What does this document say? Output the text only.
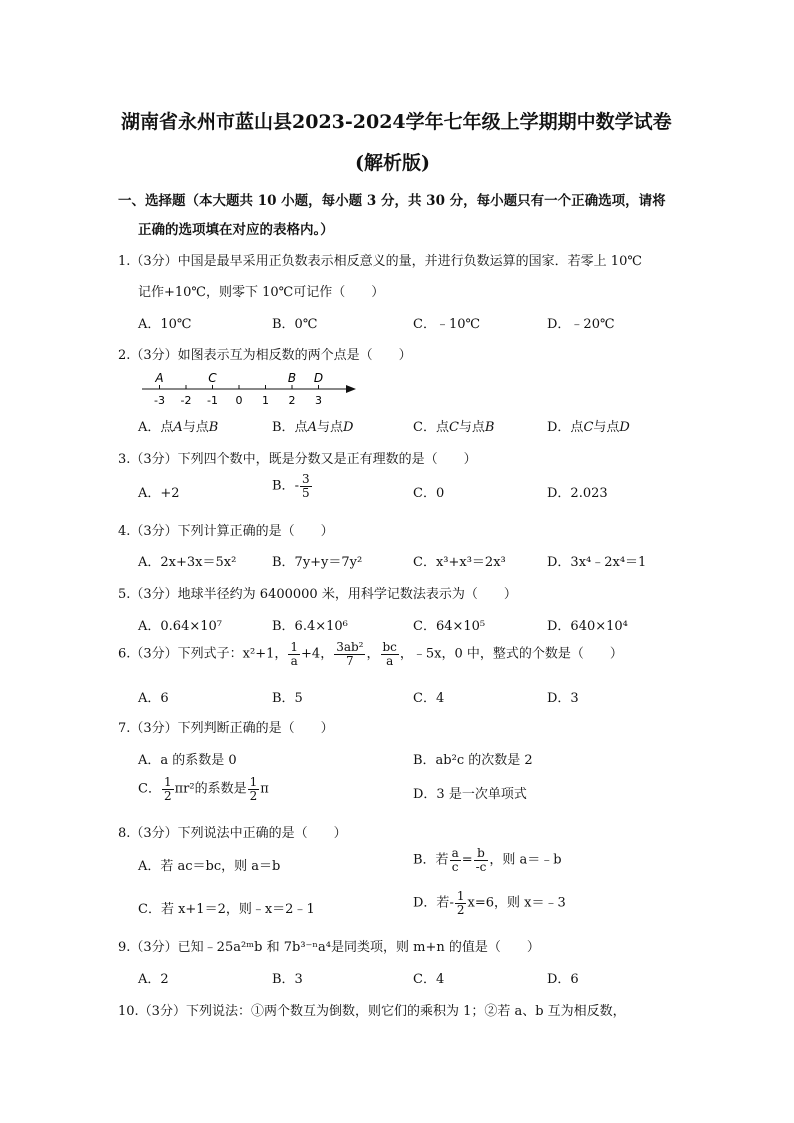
湖南省永州市蓝山县2023-2024学年七年级上学期期中数学试卷
(解析版)
一、选择题（本大题共 10 小题，每小题 3 分，共 30 分，每小题只有一个正确选项，请将
正确的选项填在对应的表格内。）
1.（3分）中国是最早采用正负数表示相反意义的量，并进行负数运算的国家．若零上 10℃
记作+10℃，则零下 10℃可记作（　　）
A．10℃	B．0℃	C．﹣10℃	D．﹣20℃
2.（3分）如图表示互为相反数的两个点是（　　）
-3 -2 -1 0 1 2 3
A	C	B D
A．点A与点B	B．点A与点D	C．点C与点B	D．点C与点D
3.（3分）下列四个数中，既是分数又是正有理数的是（　　）
A．+2	B．- $\frac{3}{5}$	C．0	D．2.023
4.（3分）下列计算正确的是（　　）
A．2x+3x＝5x²	B．7y+y＝7y²	C．x³+x³＝2x³	D．3x⁴﹣2x⁴＝1
5.（3分）地球半径约为 6400000 米，用科学记数法表示为（　　）
A．0.64×10⁷	B．6.4×10⁶	C．64×10⁵	D．640×10⁴
6.（3分）下列式子：x²+1， $\frac{1}{a} +4$， $\frac{\text{3ab²}}{7}$ ， $\frac{bc}{a}$ ，﹣5x，0 中，整式的个数是（　　）
A．6	B．5	C．4	D．3
7.（3分）下列判断正确的是（　　）
A．a 的系数是 0	B．ab²c 的次数是 2
C． $\frac{1}{2} \pi r^2$的系数是 $\frac{1}{2}$ π	D．3 是一次单项式
8.（3分）下列说法中正确的是（　　）
A．若 ac＝bc，则 a＝b	B．若 $\frac{a}{c} = \frac{b}{-c}$ ，则 a＝﹣b
C．若 x+1＝2，则﹣x＝2﹣1	D．若- $\frac{1}{2} x=6$，则 x＝﹣3
9.（3分）已知﹣25a²ᵐb 和 7b³⁻ⁿa⁴是同类项，则 m+n 的值是（　　）
A．2	B．3	C．4	D．6
10.（3分）下列说法：①两个数互为倒数，则它们的乘积为 1；②若 a、b 互为相反数，
